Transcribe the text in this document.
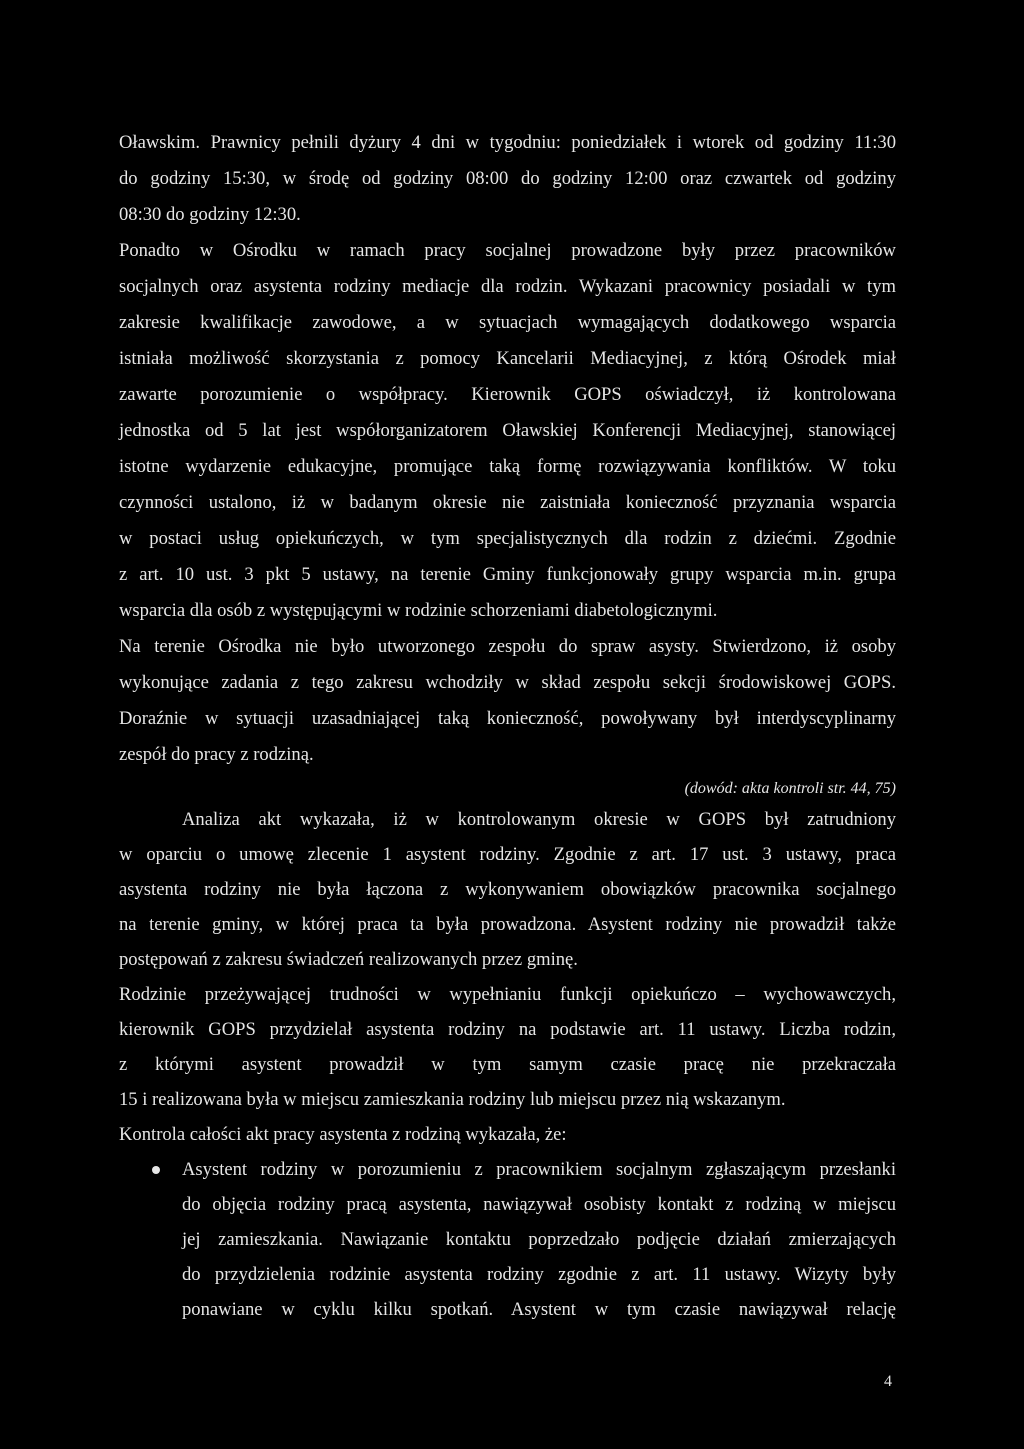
Oławskim. Prawnicy pełnili dyżury 4 dni w tygodniu: poniedziałek i wtorek od godziny 11:30
do godziny 15:30, w środę od godziny 08:00 do godziny 12:00 oraz czwartek od godziny
08:30 do godziny 12:30.
Ponadto w Ośrodku w ramach pracy socjalnej prowadzone były przez pracowników
socjalnych oraz asystenta rodziny mediacje dla rodzin. Wykazani pracownicy posiadali w tym
zakresie kwalifikacje zawodowe, a w sytuacjach wymagających dodatkowego wsparcia
istniała możliwość skorzystania z pomocy Kancelarii Mediacyjnej, z którą Ośrodek miał
zawarte porozumienie o współpracy. Kierownik GOPS oświadczył, iż kontrolowana
jednostka od 5 lat jest współorganizatorem Oławskiej Konferencji Mediacyjnej, stanowiącej
istotne wydarzenie edukacyjne, promujące taką formę rozwiązywania konfliktów. W toku
czynności ustalono, iż w badanym okresie nie zaistniała konieczność przyznania wsparcia
w postaci usług opiekuńczych, w tym specjalistycznych dla rodzin z dziećmi. Zgodnie
z art. 10 ust. 3 pkt 5 ustawy, na terenie Gminy funkcjonowały grupy wsparcia m.in. grupa
wsparcia dla osób z występującymi w rodzinie schorzeniami diabetologicznymi.
Na terenie Ośrodka nie było utworzonego zespołu do spraw asysty. Stwierdzono, iż osoby
wykonujące zadania z tego zakresu wchodziły w skład zespołu sekcji środowiskowej GOPS.
Doraźnie w sytuacji uzasadniającej taką konieczność, powoływany był interdyscyplinarny
zespół do pracy z rodziną.
(dowód: akta kontroli str. 44, 75)
Analiza akt wykazała, iż w kontrolowanym okresie w GOPS był zatrudniony
w oparciu o umowę zlecenie 1 asystent rodziny. Zgodnie z art. 17 ust. 3 ustawy, praca
asystenta rodziny nie była łączona z wykonywaniem obowiązków pracownika socjalnego
na terenie gminy, w której praca ta była prowadzona. Asystent rodziny nie prowadził także
postępowań z zakresu świadczeń realizowanych przez gminę.
Rodzinie przeżywającej trudności w wypełnianiu funkcji opiekuńczo – wychowawczych,
kierownik GOPS przydzielał asystenta rodziny na podstawie art. 11 ustawy. Liczba rodzin,
z którymi asystent prowadził w tym samym czasie pracę nie przekraczała
15 i realizowana była w miejscu zamieszkania rodziny lub miejscu przez nią wskazanym.
Kontrola całości akt pracy asystenta z rodziną wykazała, że:
Asystent rodziny w porozumieniu z pracownikiem socjalnym zgłaszającym przesłanki
do objęcia rodziny pracą asystenta, nawiązywał osobisty kontakt z rodziną w miejscu
jej zamieszkania. Nawiązanie kontaktu poprzedzało podjęcie działań zmierzających
do przydzielenia rodzinie asystenta rodziny zgodnie z art. 11 ustawy. Wizyty były
ponawiane w cyklu kilku spotkań. Asystent w tym czasie nawiązywał relację
4
